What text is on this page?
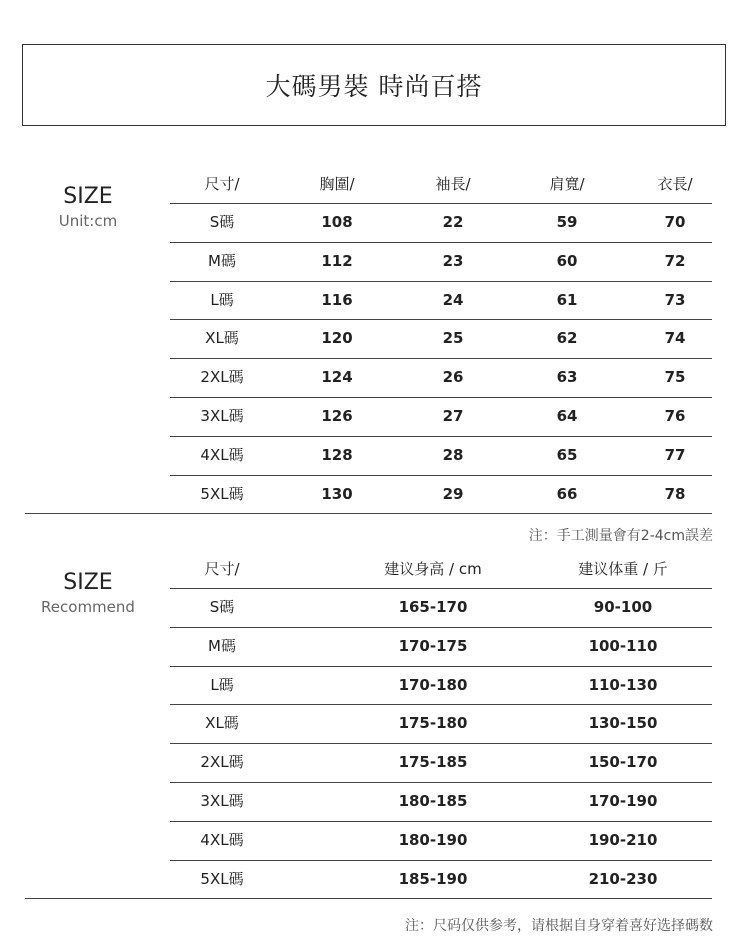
大碼男裝 時尚百搭
SIZE
Unit:cm
尺寸/	胸圍/	袖長/	肩寬/	衣長/
S碼	108	22	59	70
M碼	112	23	60	72
L碼	116	24	61	73
XL碼	120	25	62	74
2XL碼	124	26	63	75
3XL碼	126	27	64	76
4XL碼	128	28	65	77
5XL碼	130	29	66	78
注：手工測量會有2-4cm誤差
SIZE
Recommend
尺寸/	建议身高 / cm	建议体重 / 斤
S碼	165-170	90-100
M碼	170-175	100-110
L碼	170-180	110-130
XL碼	175-180	130-150
2XL碼	175-185	150-170
3XL碼	180-185	170-190
4XL碼	180-190	190-210
5XL碼	185-190	210-230
注：尺码仅供参考，请根据自身穿着喜好选择碼数
